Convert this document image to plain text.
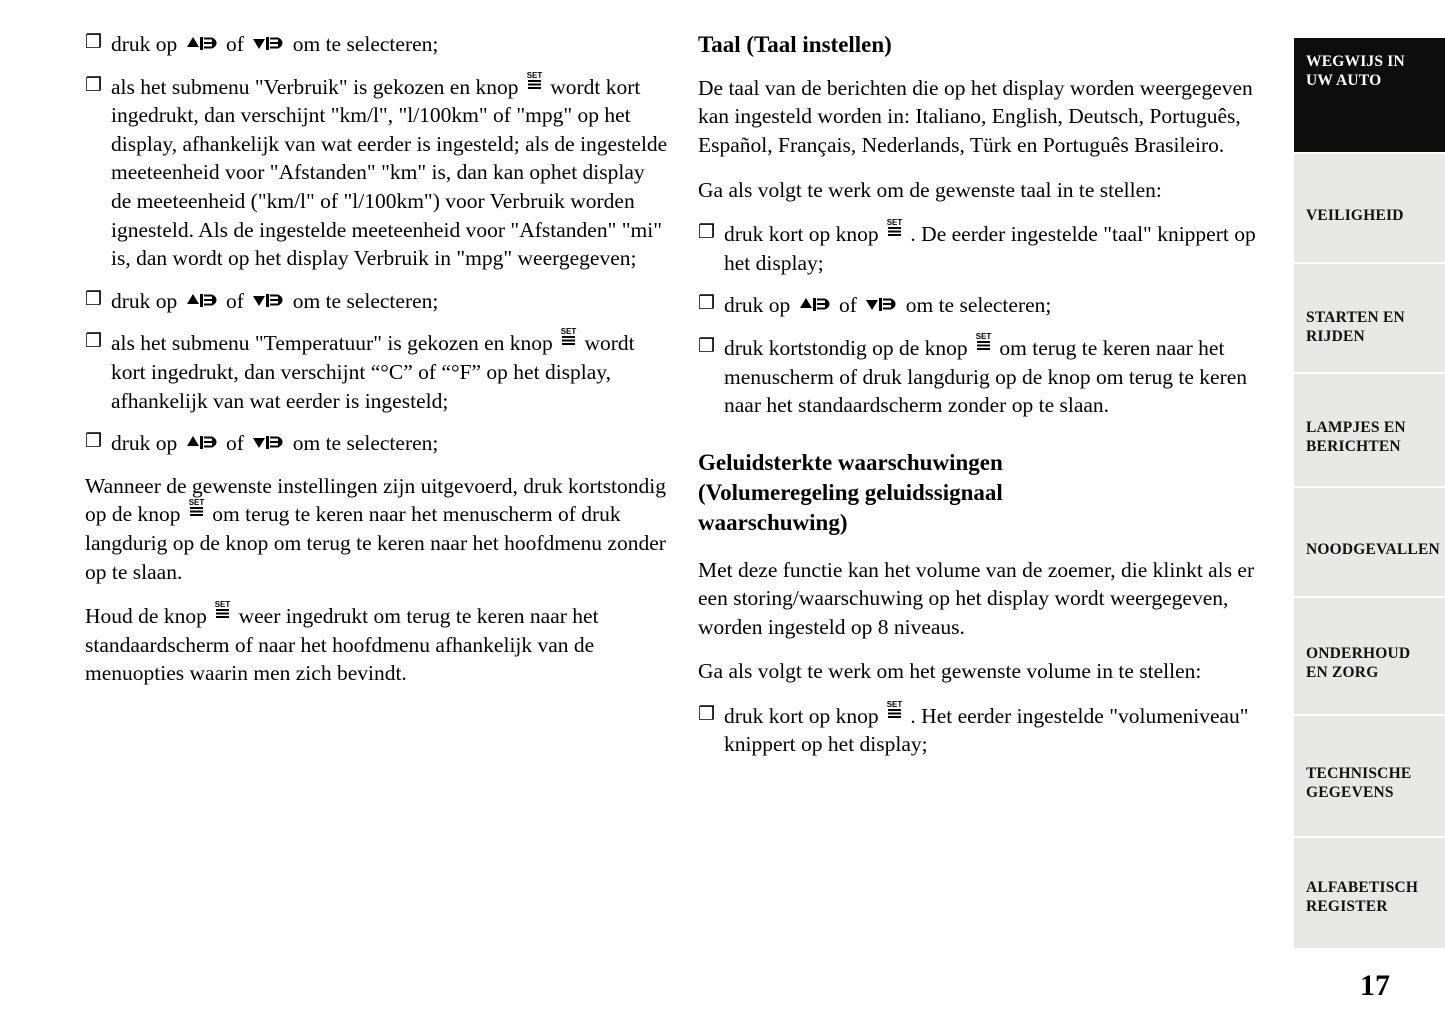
❒ druk op
of
om te selecteren;
❒ als het submenu "Verbruik" is gekozen en knop SET wordt kort ingedrukt, dan verschijnt "km/l", "l/100km" of "mpg" op het display, afhankelijk van wat eerder is ingesteld; als de ingestelde meeteenheid voor "Afstanden" "km" is, dan kan ophet display de meeteenheid ("km/l" of "l/100km") voor Verbruik worden ignesteld. Als de ingestelde meeteenheid voor "Afstanden" "mi" is, dan wordt op het display Verbruik in "mpg" weergegeven;
❒ druk op
of
om te selecteren;
❒ als het submenu "Temperatuur" is gekozen en knop SET wordt kort ingedrukt, dan verschijnt “°C” of “°F” op het display, afhankelijk van wat eerder is ingesteld;
❒ druk op
of
om te selecteren;
Wanneer de gewenste instellingen zijn uitgevoerd, druk kortstondig op de knop SET om terug te keren naar het menuscherm of druk langdurig op de knop om terug te keren naar het hoofdmenu zonder op te slaan.
Houd de knop SET weer ingedrukt om terug te keren naar het standaardscherm of naar het hoofdmenu afhankelijk van de menuopties waarin men zich bevindt.
Taal (Taal instellen)
De taal van de berichten die op het display worden weergegeven kan ingesteld worden in: Italiano, English, Deutsch, Português, Español, Français, Nederlands, Türk en Português Brasileiro.
Ga als volgt te werk om de gewenste taal in te stellen:
❒ druk kort op knop SET . De eerder ingestelde "taal" knippert op het display;
❒ druk op
of
om te selecteren;
❒ druk kortstondig op de knop SET om terug te keren naar het menuscherm of druk langdurig op de knop om terug te keren naar het standaardscherm zonder op te slaan.
Geluidsterkte waarschuwingen
(Volumeregeling geluidssignaal
waarschuwing)
Met deze functie kan het volume van de zoemer, die klinkt als er een storing/waarschuwing op het display wordt weergegeven, worden ingesteld op 8 niveaus.
Ga als volgt te werk om het gewenste volume in te stellen:
❒ druk kort op knop SET . Het eerder ingestelde "volumeniveau" knippert op het display;
WEGWIJS IN UW AUTO
VEILIGHEID
STARTEN EN RIJDEN
LAMPJES EN BERICHTEN
NOODGEVALLEN
ONDERHOUD EN ZORG
TECHNISCHE GEGEVENS
ALFABETISCH REGISTER
17
